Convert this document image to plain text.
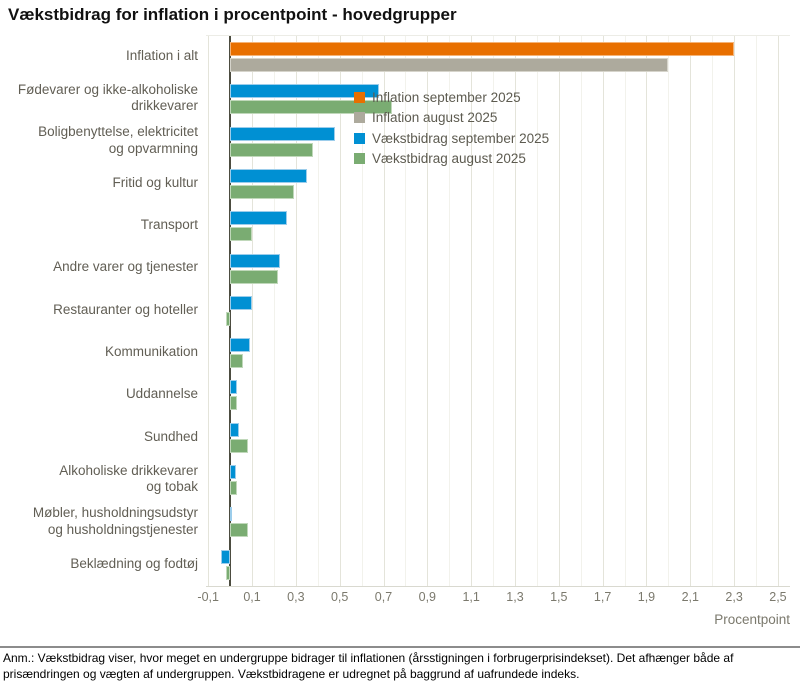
Vækstbidrag for inflation i procentpoint - hovedgrupper
Inflation i alt
Fødevarer og ikke-alkoholiske
drikkevarer
Boligbenyttelse, elektricitet
og opvarmning
Fritid og kultur
Transport
Andre varer og tjenester
Restauranter og hoteller
Kommunikation
Uddannelse
Sundhed
Alkoholiske drikkevarer
og tobak
Møbler, husholdningsudstyr
og husholdningstjenester
Beklædning og fodtøj
-0,1 0,1 0,3 0,5 0,7 0,9 1,1 1,3 1,5 1,7 1,9 2,1 2,3 2,5
Procentpoint
Inflation september 2025
Inflation august 2025
Vækstbidrag september 2025
Vækstbidrag august 2025
Anm.: Vækstbidrag viser, hvor meget en undergruppe bidrager til inflationen (årsstigningen i forbrugerprisindekset). Det afhænger både af prisændringen og vægten af undergruppen. Vækstbidragene er udregnet på baggrund af uafrundede indeks.
